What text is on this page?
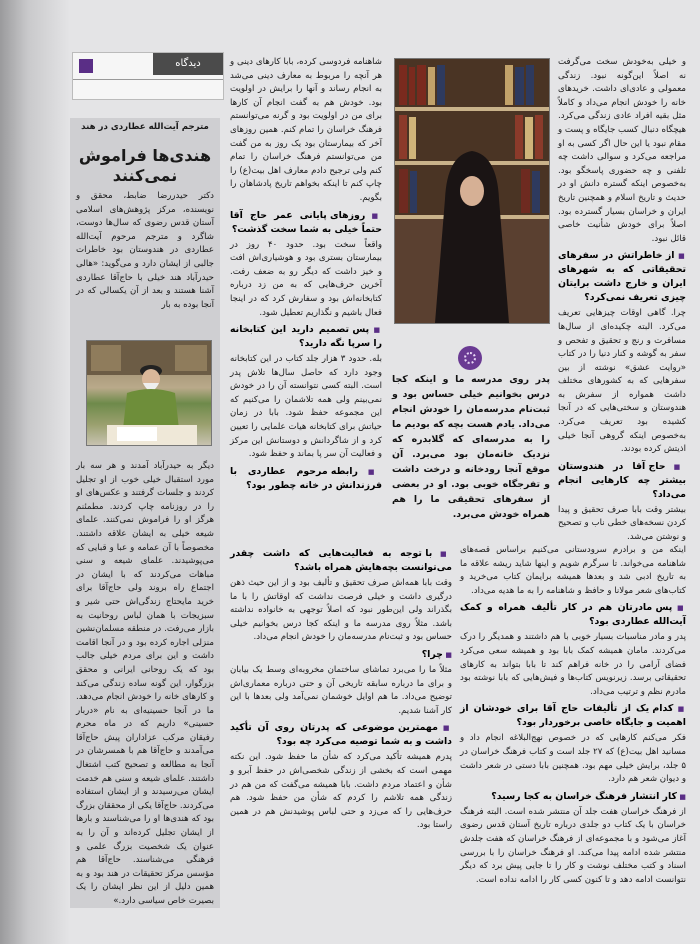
دیدگاه
مترجم آیت‌الله عطاردی در هند
هندی‌ها فراموش نمی‌کنند

دکتر حیدررضا ضابط، محقق و نویسنده، مرکز پژوهش‌های اسلامی آستان قدس رضوی که سال‌ها دوست، شاگرد و مترجم مرحوم آیت‌الله عطاردی در هندوستان بود خاطرات جالبی از ایشان دارد و می‌گوید: «هالی حیدرآباد هند خیلی با حاج‌آقا عطاردی آشنا هستند و بعد از آن یکسالی که در آنجا بوده به بار

دیگر به حیدرآباد آمدند و هر سه بار مورد استقبال خیلی خوب از او تجلیل کردند و جلسات گرفتند و عکس‌های او را در روزنامه چاپ کردند. مطمئنم هرگز او را فراموش نمی‌کنند. علمای شیعه خیلی به ایشان علاقه داشتند. مخصوصاً با آن عمامه و عبا و قبایی که می‌پوشیدند. علمای شیعه و سنی مباهات می‌کردند که با ایشان در اجتماع راه بروند ولی حاج‌آقا برای خرید مایحتاج زندگی‌اش حتی شیر و سبزیجات با همان لباس روحانیت به بازار می‌رفت. در منطقه مسلمان‌نشین منزلی اجاره کرده بود و در آنجا اقامت داشت و این برای مردم خیلی جالب بود که یک روحانی ایرانی و محقق بزرگوار، این گونه ساده زندگی می‌کند و کارهای خانه را خودش انجام می‌دهد. ما در آنجا حسینیه‌ای به نام «دربار حسینی» داریم که در ماه محرم رفیقان مرکب عزاداران پیش حاج‌آقا می‌آمدند و حاج‌آقا هم با همسرشان در آنجا به مطالعه و تصحیح کتب اشتغال داشتند. علمای شیعه و سنی هم خدمت ایشان می‌رسیدند و از ایشان استفاده می‌کردند. حاج‌آقا یکی از محققان بزرگ بود که هندی‌ها او را می‌شناسند و بارها از ایشان تجلیل کرده‌اند و آن را به عنوان یک شخصیت بزرگ علمی و فرهنگی می‌شناسند. حاج‌آقا هم مؤسس مرکز تحقیقات در هند بود و به همین دلیل از این نظر ایشان را یک بصیرت خاص سیاسی دارد.»

شاهنامه فردوسی کرده، بابا کارهای دینی و هر آنچه را مربوط به معارف دینی می‌شد به انجام رساند و آنها را برایش در اولویت بود. خودش هم به گفت انجام آن کارها برای من در اولویت بود و گرنه می‌توانستم فرهنگ خراسان را تمام کنم. همین روزهای آخر که بیمارستان بود یک روز به من گفت من می‌توانستم فرهنگ خراسان را تمام کنم ولی ترجیح دادم معارف اهل بیت(ع) را چاپ کنم تا اینکه بخواهم تاریخ پادشاهان را بگویم.

■ روزهای پایانی عمر حاج آقا حتماً خیلی به شما سخت گذشت؟

واقعاً سخت بود. حدود ۴۰ روز در بیمارستان بستری بود و هوشیاری‌اش افت و خیز داشت که دیگر رو به ضعف رفت. آخرین حرف‌هایی که به من زد درباره کتابخانه‌اش بود و سفارش کرد که در اینجا فعال باشیم و نگذاریم تعطیل شود.

■ پس تصمیم دارید این کتابخانه را سرپا نگه دارید؟

بله. حدود ۳ هزار جلد کتاب در این کتابخانه وجود دارد که حاصل سال‌ها تلاش پدر است. البته کسی نتوانسته آن را در خودش نمی‌بینم ولی همه تلاشمان را می‌کنیم که این مجموعه حفظ شود. بابا در زمان حیاتش برای کتابخانه هیات علمایی را تعیین کرد و از شاگردانش و دوستانش این مرکز و فعالیت آن سر پا بماند و حفظ شود.

■ رابطه مرحوم عطاردی با فرزندانش در خانه چطور بود؟
پدر روی مدرسه ما و اینکه کجا درس بخوانیم خیلی حساس بود و ثبت‌نام مدرسه‌مان را خودش انجام می‌داد. یادم هست بچه که بودیم ما را به مدرسه‌ای که گلابدره که نزدیک خانه‌مان بود می‌برد. آن موقع آنجا رودخانه و درخت داشت و تفرجگاه خوبی بود. او در بعضی از سفرهای تحقیقی ما را هم همراه خودش می‌برد.

و خیلی به‌خودش سخت می‌گرفت نه اصلاً این‌گونه نبود. زندگی معمولی و عادی‌ای داشت. خریدهای خانه را خودش انجام می‌داد و کاملاً مثل بقیه افراد عادی زندگی می‌کرد. هیچگاه دنبال کسب جایگاه و پست و مقام نبود یا این حال اگر کسی به او مراجعه می‌کرد و سوالی داشت چه تلفنی و چه حضوری پاسخگو بود. به‌خصوص اینکه گستره دانش او در حدیث و تاریخ اسلام و همچنین تاریخ ایران و خراسان بسیار گسترده بود. اصلاً برای خودش شأنیت خاصی قائل نبود.

■ از خاطراتش در سفرهای تحقیقاتی که به شهرهای ایران و خارج داشت برایتان چیزی تعریف نمی‌کرد؟

چرا. گاهی اوقات چیزهایی تعریف می‌کرد. البته چکیده‌ای از سال‌ها مسافرت و رنج و تحقیق و تفحص و سفر به گوشه و کنار دنیا را در کتاب «روایت عشق» نوشته از بین سفرهایی که به کشورهای مختلف داشت همواره از سفرش به هندوستان و سختی‌هایی که در آنجا کشیده بود تعریف می‌کرد. به‌خصوص اینکه گروهی آنجا خیلی اذیتش کرده بودند.

■ حاج آقا در هندوستان بیشتر چه کارهایی انجام می‌داد؟

بیشتر وقت بابا صرف تحقیق و پیدا کردن نسخه‌های خطی ناب و تصحیح و نوشتن می‌شد.

■ با توجه به فعالیت‌هایی که داشت چقدر می‌توانست بچه‌هایش همراه باشد؟

وقت بابا همه‌اش صرف تحقیق و تألیف بود و از این حیث ذهن درگیری داشت و خیلی فرصت نداشت که اوقاتش را با ما بگذراند ولی این‌طور نبود که اصلاً توجهی به خانواده نداشته باشد. مثلاً روی مدرسه ما و اینکه کجا درس بخوانیم خیلی حساس بود و ثبت‌نام مدرسه‌مان را خودش انجام می‌داد.

■ چرا؟

مثلاً ما را می‌برد تماشای ساختمان مخروبه‌ای وسط یک بیابان و برای ما درباره سابقه تاریخی آن و حتی درباره معماری‌اش توضیح می‌داد. ما هم اوایل خوشمان نمی‌آمد ولی بعدها با این کار آشنا شدیم.

■ مهمترین موضوعی که پدرتان روی آن تأکید داشت و به شما توصیه می‌کرد چه بود؟

پدرم همیشه تأکید می‌کرد که شأن ما حفظ شود. این نکته مهمی است که بخشی از زندگی شخصی‌اش در حفظ آبرو و شأن و اعتماد مردم داشت. بابا همیشه می‌گفت که من هم در زندگی همه تلاشم را کردم که شأن من حفظ شود. هم حرف‌هایی را که می‌زد و حتی لباس پوشیدنش هم در همین راستا بود.

اینکه من و برادرم سرودستانی می‌کنیم براساس قصه‌های شاهنامه می‌خواند. تا سرگرم شویم و اینها شاید ریشه علاقه ما به تاریخ ادبی شد و بعدها همیشه برایمان کتاب می‌خرید و کتاب‌های شعر مولانا و حافظ و شاهنامه را به ما هدیه می‌داد.

■ پس مادرتان هم در کار تألیف همراه و کمک آیت‌الله عطاردی بود؟

پدر و مادر مناسبات بسیار خوبی با هم داشتند و همدیگر را درک می‌کردند. مامان همیشه کمک بابا بود و همیشه سعی می‌کرد فضای آرامی را در خانه فراهم کند تا بابا بتواند به کارهای تحقیقاتی برسد. زیرنویس کتاب‌ها و فیش‌هایی که بابا نوشته بود مادرم نظم و ترتیب می‌داد.

■ کدام یک از تألیفات حاج آقا برای خودشان از اهمیت و جایگاه خاصی برخوردار بود؟

فکر می‌کنم کارهایی که در خصوص نهج‌البلاغه انجام داد و مسانید اهل بیت(ع) که ۲۷ جلد است و کتاب فرهنگ خراسان در ۵ جلد، برایش خیلی مهم بود. همچنین بابا دستی در شعر داشت و دیوان شعر هم دارد.

■ کار انتشار فرهنگ خراسان به کجا رسید؟

از فرهنگ خراسان هفت جلد آن منتشر شده است. البته فرهنگ خراسان با یک کتاب دو جلدی درباره تاریخ آستان قدس رضوی آغاز می‌شود و با مجموعه‌ای از فرهنگ خراسان که هفت جلدش منتشر شده ادامه پیدا می‌کند. او فرهنگ خراسان را با بررسی اسناد و کتب مختلف نوشت و کار را تا جایی پیش برد که دیگر نتوانست ادامه دهد و تا کنون کسی کار را ادامه نداده است.
